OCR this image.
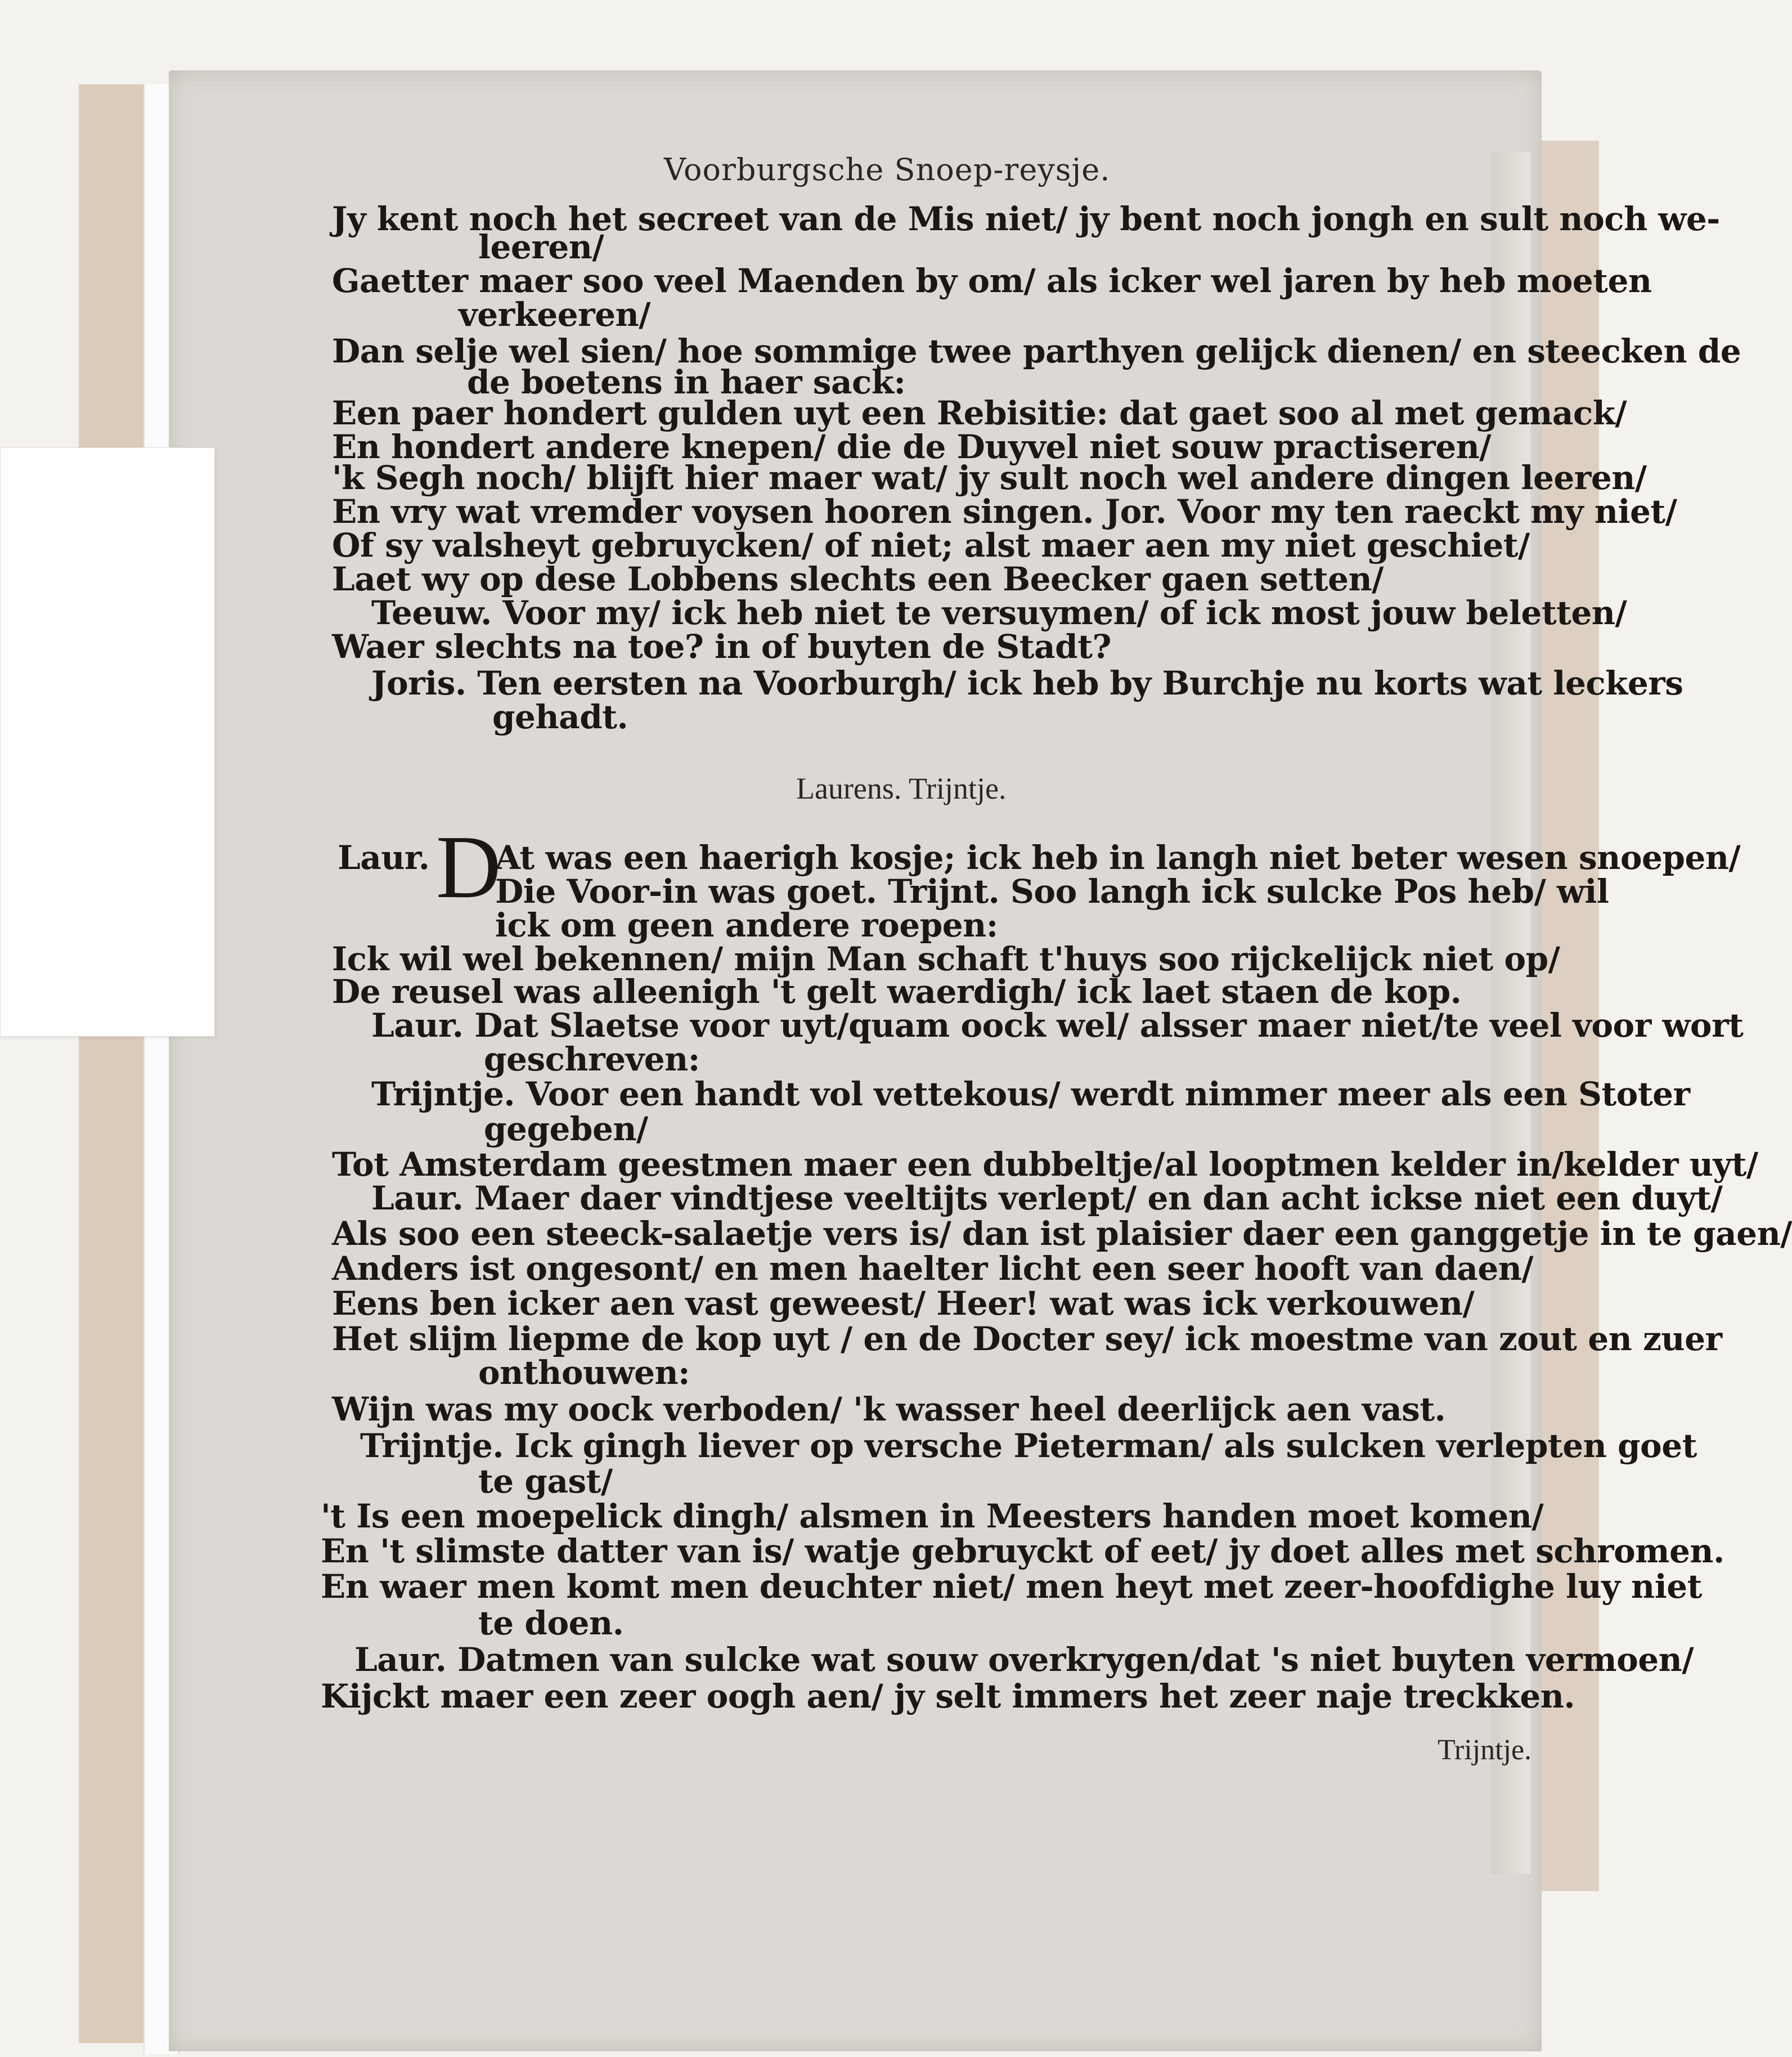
Voorburgsche Snoep-reysje.
Jy kent noch het secreet van de Mis niet/ jy bent noch jongh en sult noch we-
leeren/
Gaetter maer soo veel Maenden by om/ als icker wel jaren by heb moeten
verkeeren/
Dan selje wel sien/ hoe sommige twee parthyen gelijck dienen/ en steecken de
de boetens in haer sack:
Een paer hondert gulden uyt een Rebisitie: dat gaet soo al met gemack/
En hondert andere knepen/ die de Duyvel niet souw practiseren/
'k Segh noch/ blijft hier maer wat/ jy sult noch wel andere dingen leeren/
En vry wat vremder voysen hooren singen. Jor. Voor my ten raeckt my niet/
Of sy valsheyt gebruycken/ of niet; alst maer aen my niet geschiet/
Laet wy op dese Lobbens slechts een Beecker gaen setten/
Teeuw. Voor my/ ick heb niet te versuymen/ of ick most jouw beletten/
Waer slechts na toe? in of buyten de Stadt?
Joris. Ten eersten na Voorburgh/ ick heb by Burchje nu korts wat leckers
gehadt.
Laurens. Trijntje.
Laur. D
At was een haerigh kosje; ick heb in langh niet beter wesen snoepen/
Die Voor-in was goet. Trijnt. Soo langh ick sulcke Pos heb/ wil
ick om geen andere roepen:
Ick wil wel bekennen/ mijn Man schaft t'huys soo rijckelijck niet op/
De reusel was alleenigh 't gelt waerdigh/ ick laet staen de kop.
Laur. Dat Slaetse voor uyt/quam oock wel/ alsser maer niet/te veel voor wort
geschreven:
Trijntje. Voor een handt vol vettekous/ werdt nimmer meer als een Stoter
gegeben/
Tot Amsterdam geestmen maer een dubbeltje/al looptmen kelder in/kelder uyt/
Laur. Maer daer vindtjese veeltijts verlept/ en dan acht ickse niet een duyt/
Als soo een steeck-salaetje vers is/ dan ist plaisier daer een ganggetje in te gaen/
Anders ist ongesont/ en men haelter licht een seer hooft van daen/
Eens ben icker aen vast geweest/ Heer! wat was ick verkouwen/
Het slijm liepme de kop uyt / en de Docter sey/ ick moestme van zout en zuer
onthouwen:
Wijn was my oock verboden/ 'k wasser heel deerlijck aen vast.
Trijntje. Ick gingh liever op versche Pieterman/ als sulcken verlepten goet
te gast/
't Is een moepelick dingh/ alsmen in Meesters handen moet komen/
En 't slimste datter van is/ watje gebruyckt of eet/ jy doet alles met schromen.
En waer men komt men deuchter niet/ men heyt met zeer-hoofdighe luy niet
te doen.
Laur. Datmen van sulcke wat souw overkrygen/dat 's niet buyten vermoen/
Kijckt maer een zeer oogh aen/ jy selt immers het zeer naje treckken.
Trijntje.
